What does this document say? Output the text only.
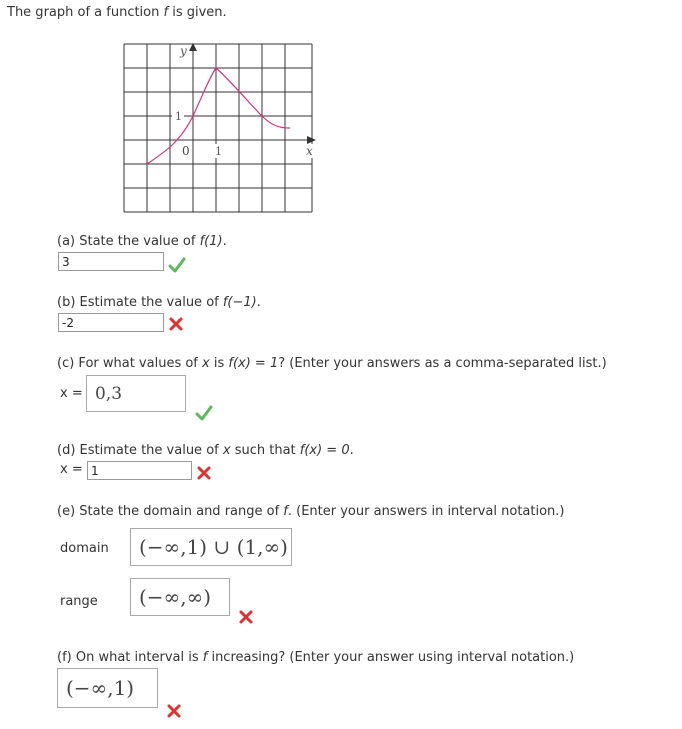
The graph of a function f is given.
y
1
0 1	x
(a) State the value of f(1).
3
(b) Estimate the value of f(−1).
-2
(c) For what values of x is f(x) = 1? (Enter your answers as a comma-separated list.)
x = 0,3
(d) Estimate the value of x such that f(x) = 0.
x = 1
(e) State the domain and range of f. (Enter your answers in interval notation.)
domain (−∞,1) ∪ (1,∞)
range (−∞,∞)
(f) On what interval is f increasing? (Enter your answer using interval notation.)
(−∞,1)
